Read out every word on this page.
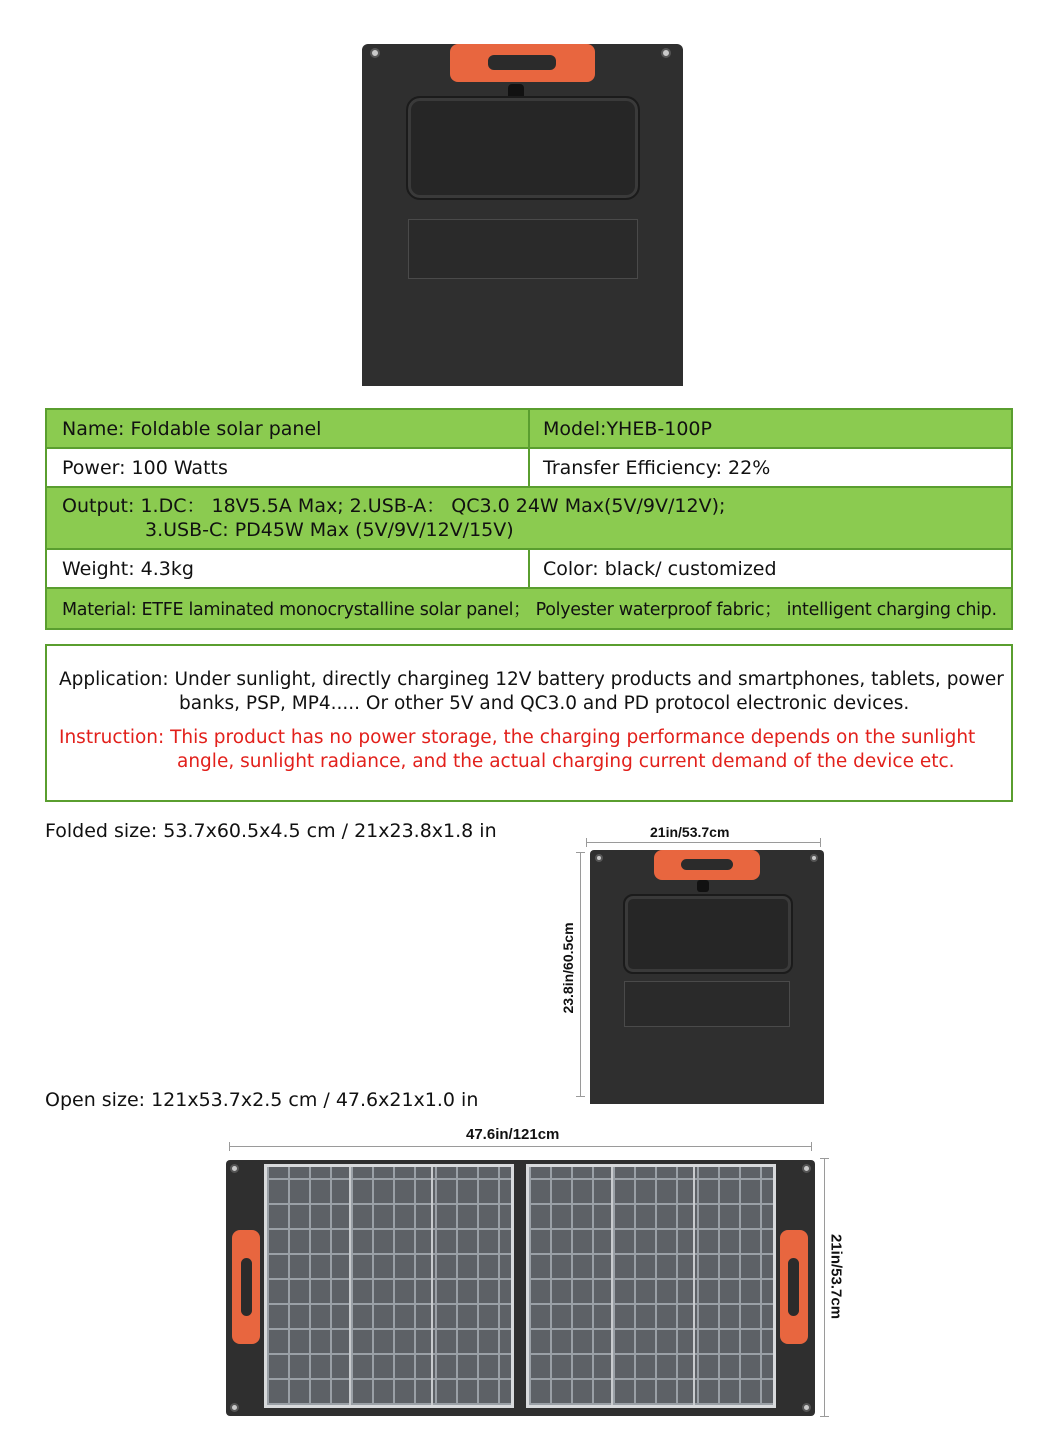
Name: Foldable solar panel	Model:YHEB-100P
Power: 100 Watts	Transfer Efficiency: 22%
Output: 1.DC： 18V5.5A Max; 2.USB-A： QC3.0 24W Max(5V/9V/12V);
3.USB-C: PD45W Max (5V/9V/12V/15V)
Weight: 4.3kg	Color: black/ customized
Material: ETFE laminated monocrystalline solar panel； Polyester waterproof fabric； intelligent charging chip.
Application: Under sunlight, directly chargineg 12V battery products and smartphones, tablets, power
banks, PSP, MP4..... Or other 5V and QC3.0 and PD protocol electronic devices.
Instruction: This product has no power storage, the charging performance depends on the sunlight
angle, sunlight radiance, and the actual charging current demand of the device etc.
Folded size: 53.7x60.5x4.5 cm / 21x23.8x1.8 in	21in/53.7cm
23.8in/60.5cm
Open size: 121x53.7x2.5 cm / 47.6x21x1.0 in
47.6in/121cm
21in/53.7cm
